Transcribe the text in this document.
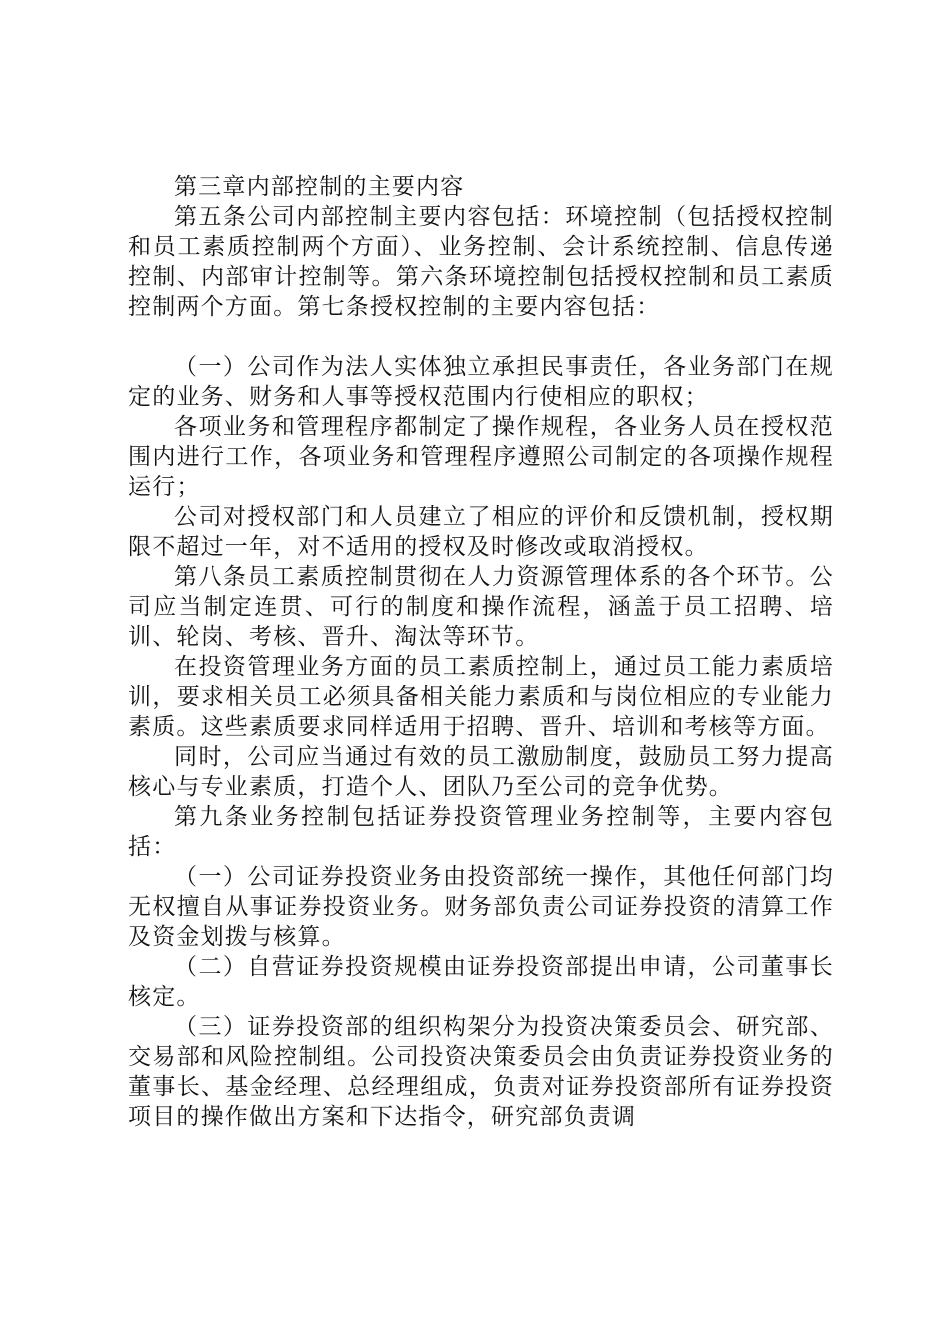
第三章内部控制的主要内容

第五条公司内部控制主要内容包括：环境控制（包括授权控制和员工素质控制两个方面）、业务控制、会计系统控制、信息传递控制、内部审计控制等。第六条环境控制包括授权控制和员工素质控制两个方面。第七条授权控制的主要内容包括：

（一）公司作为法人实体独立承担民事责任，各业务部门在规定的业务、财务和人事等授权范围内行使相应的职权；

各项业务和管理程序都制定了操作规程，各业务人员在授权范围内进行工作，各项业务和管理程序遵照公司制定的各项操作规程运行；

公司对授权部门和人员建立了相应的评价和反馈机制，授权期限不超过一年，对不适用的授权及时修改或取消授权。

第八条员工素质控制贯彻在人力资源管理体系的各个环节。公司应当制定连贯、可行的制度和操作流程，涵盖于员工招聘、培训、轮岗、考核、晋升、淘汰等环节。

在投资管理业务方面的员工素质控制上，通过员工能力素质培训，要求相关员工必须具备相关能力素质和与岗位相应的专业能力素质。这些素质要求同样适用于招聘、晋升、培训和考核等方面。

同时，公司应当通过有效的员工激励制度，鼓励员工努力提高核心与专业素质，打造个人、团队乃至公司的竞争优势。

第九条业务控制包括证券投资管理业务控制等，主要内容包括：

（一）公司证券投资业务由投资部统一操作，其他任何部门均无权擅自从事证券投资业务。财务部负责公司证券投资的清算工作及资金划拨与核算。

（二）自营证券投资规模由证券投资部提出申请，公司董事长核定。

（三）证券投资部的组织构架分为投资决策委员会、研究部、交易部和风险控制组。公司投资决策委员会由负责证券投资业务的董事长、基金经理、总经理组成，负责对证券投资部所有证券投资项目的操作做出方案和下达指令，研究部负责调
